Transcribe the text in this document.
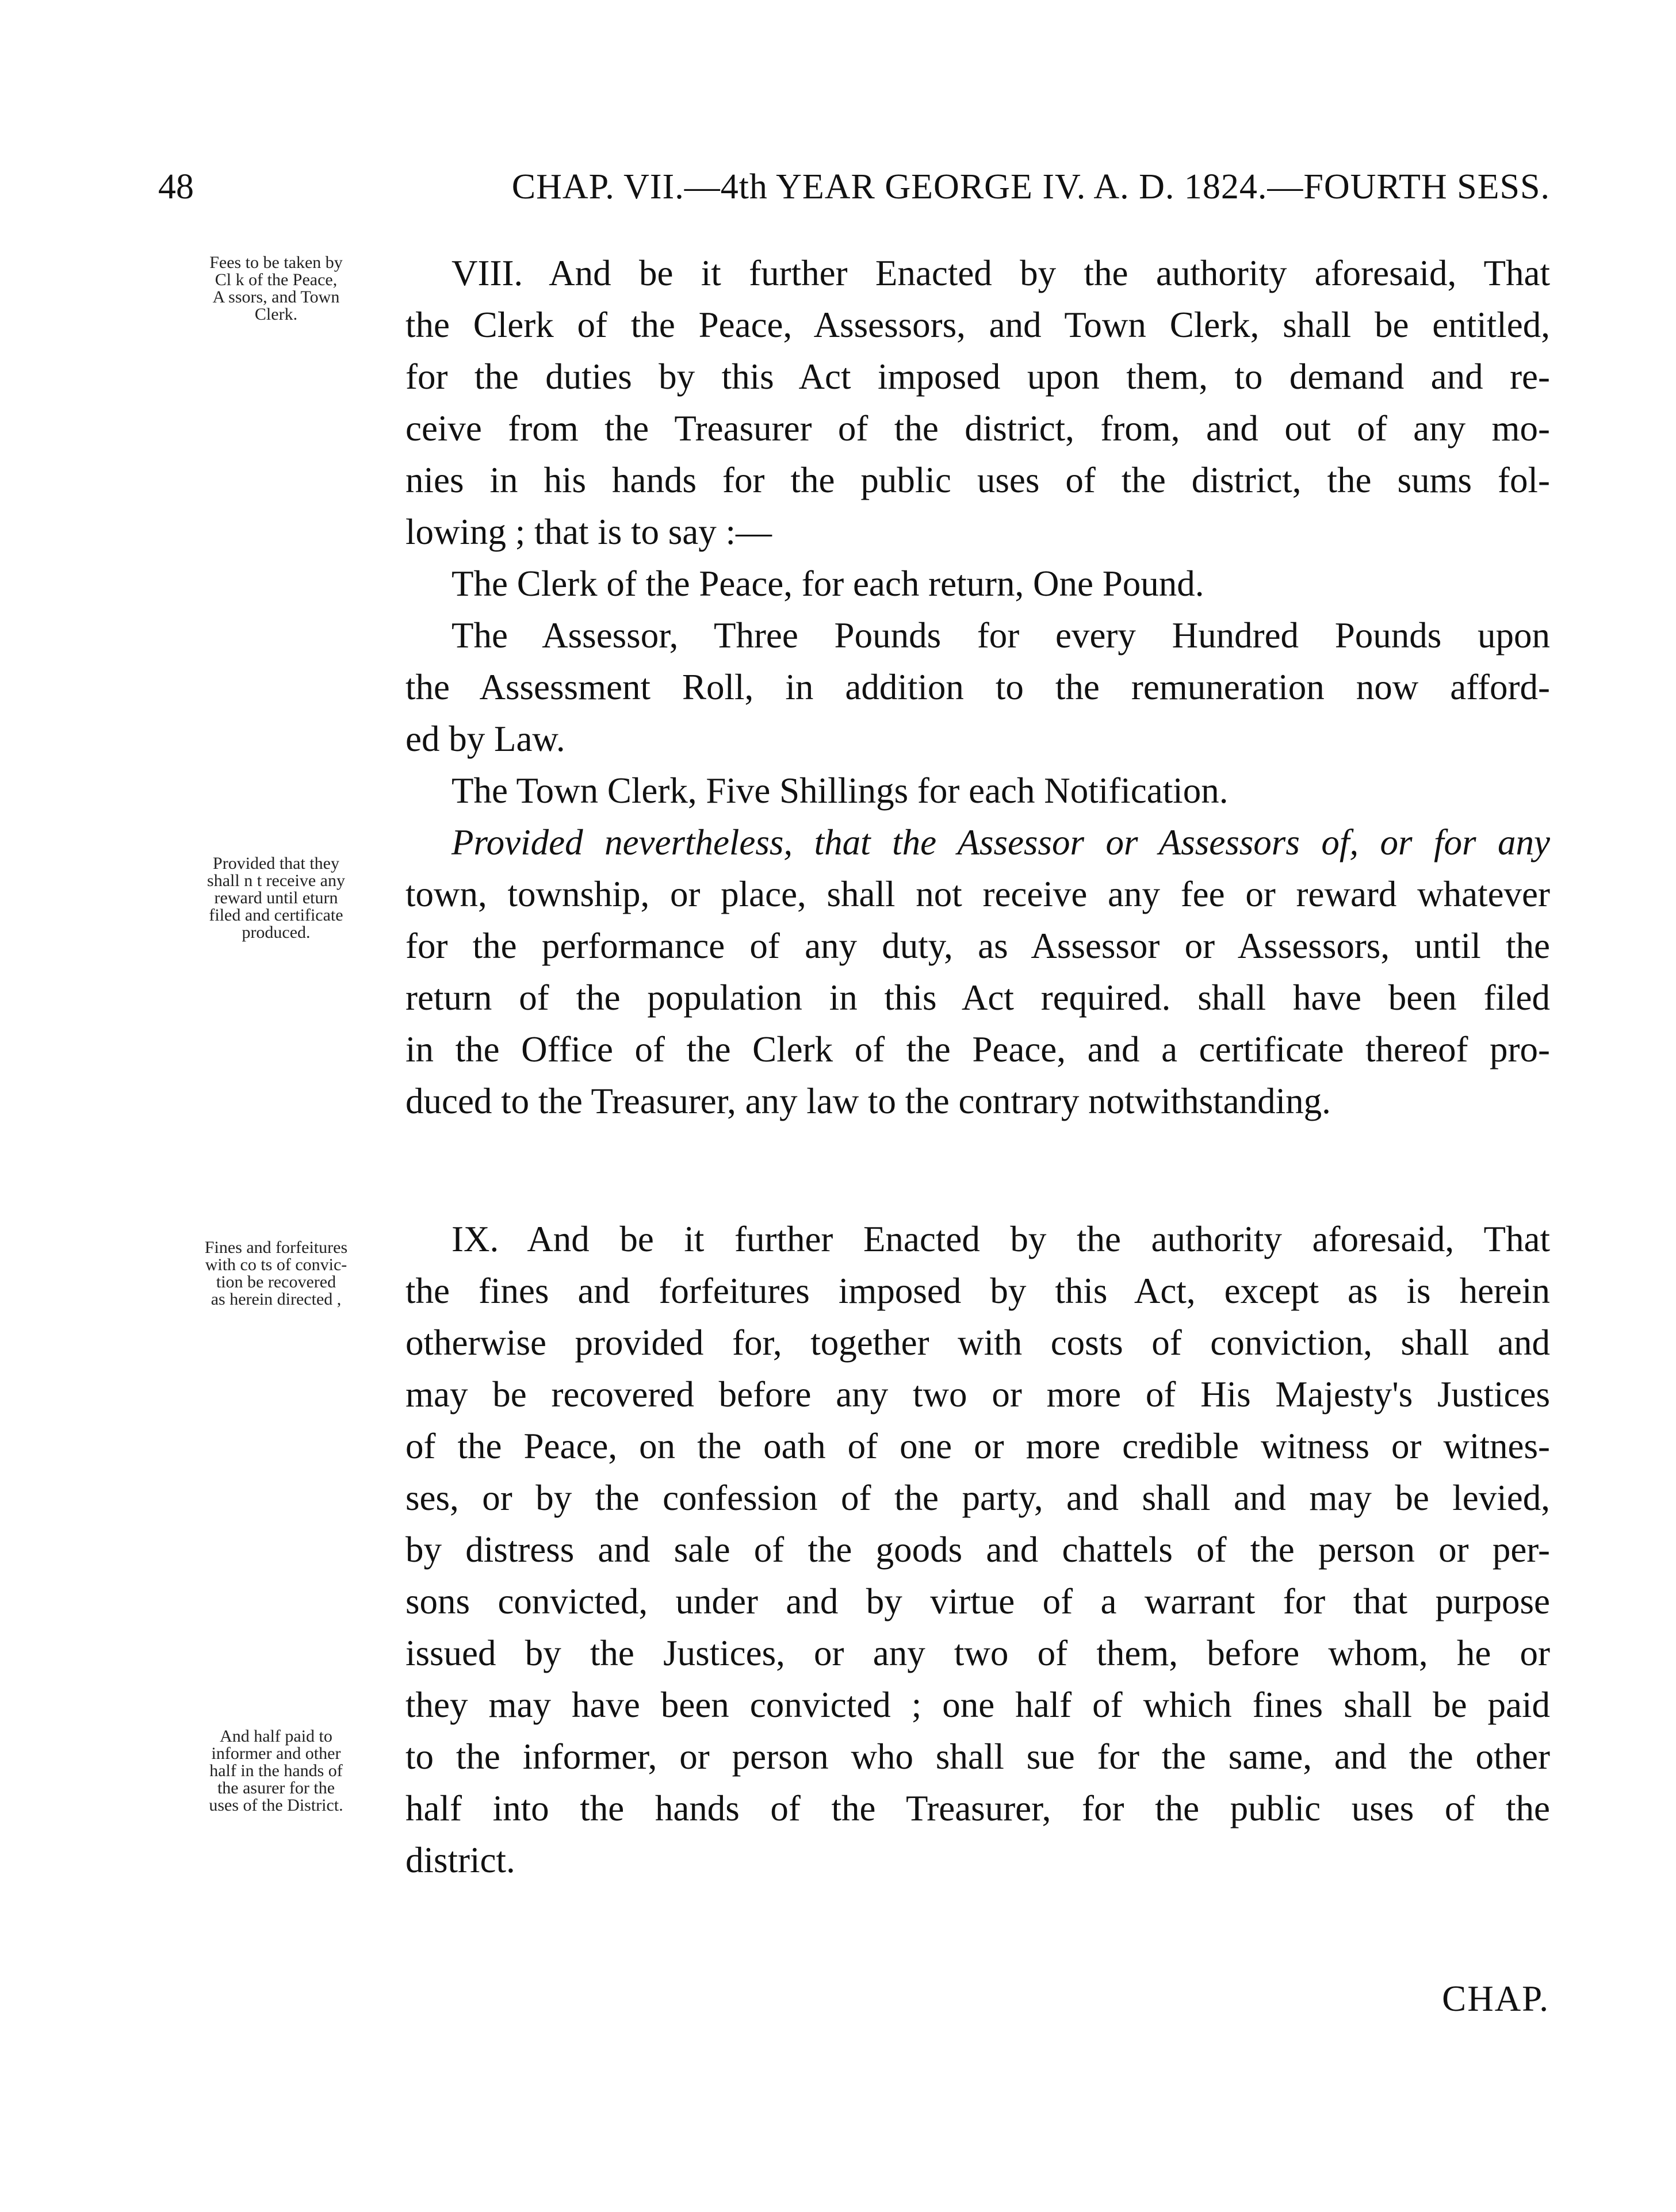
48	CHAP. VII.—4th YEAR GEORGE IV. A. D. 1824.—FOURTH SESS.
Fees to be taken by
Cl k of the Peace,
A ssors, and Town
Clerk.
Provided that they
shall n t receive any
reward until eturn
filed and certificate
produced.
Fines and forfeitures
with co ts of convic-
tion be recovered
as herein directed ,
And half paid to
informer and other
half in the hands of
the asurer for the
uses of the District.
VIII. And be it further Enacted by the authority aforesaid, That
the Clerk of the Peace, Assessors, and Town Clerk, shall be entitled,
for the duties by this Act imposed upon them, to demand and re-
ceive from the Treasurer of the district, from, and out of any mo-
nies in his hands for the public uses of the district, the sums fol-
lowing ; that is to say :—
The Clerk of the Peace, for each return, One Pound.
The Assessor, Three Pounds for every Hundred Pounds upon
the Assessment Roll, in addition to the remuneration now afford-
ed by Law.
The Town Clerk, Five Shillings for each Notification.
Provided nevertheless, that the Assessor or Assessors of, or for any
town, township, or place, shall not receive any fee or reward whatever
for the performance of any duty, as Assessor or Assessors, until the
return of the population in this Act required. shall have been filed
in the Office of the Clerk of the Peace, and a certificate thereof pro-
duced to the Treasurer, any law to the contrary notwithstanding.
IX. And be it further Enacted by the authority aforesaid, That
the fines and forfeitures imposed by this Act, except as is herein
otherwise provided for, together with costs of conviction, shall and
may be recovered before any two or more of His Majesty's Justices
of the Peace, on the oath of one or more credible witness or witnes-
ses, or by the confession of the party, and shall and may be levied,
by distress and sale of the goods and chattels of the person or per-
sons convicted, under and by virtue of a warrant for that purpose
issued by the Justices, or any two of them, before whom, he or
they may have been convicted ; one half of which fines shall be paid
to the informer, or person who shall sue for the same, and the other
half into the hands of the Treasurer, for the public uses of the
district.
CHAP.
